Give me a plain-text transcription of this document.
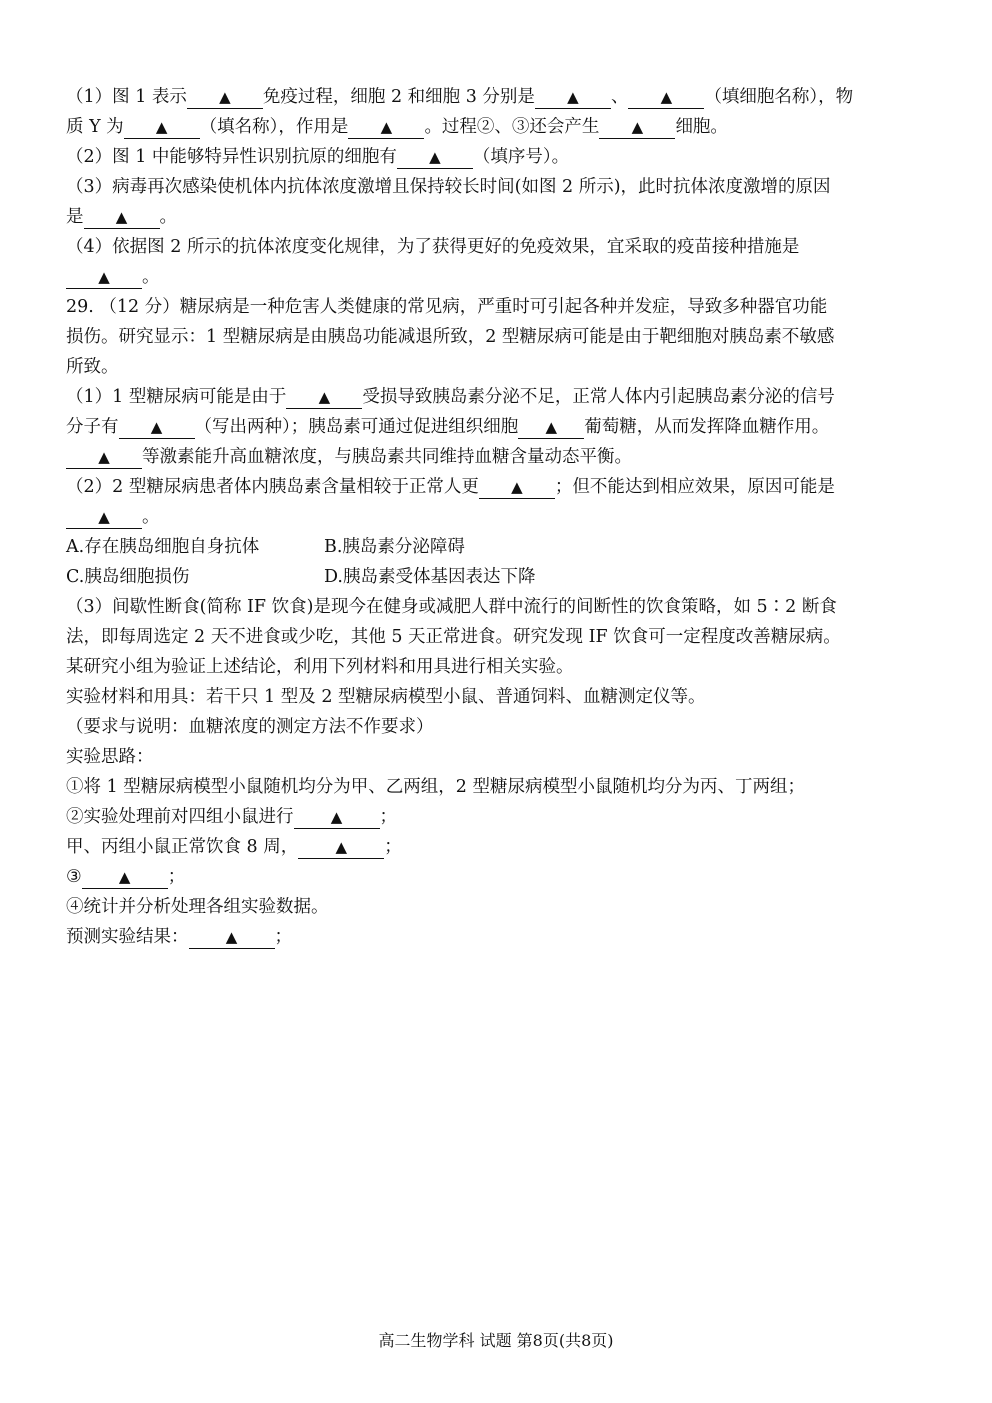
（1）图 1 表示 ▲ 免疫过程，细胞 2 和细胞 3 分别是 ▲ 、 ▲ （填细胞名称），物
质 Y 为 ▲ （填名称），作用是 ▲ 。过程②、③还会产生 ▲ 细胞。
（2）图 1 中能够特异性识别抗原的细胞有 ▲ （填序号）。
（3）病毒再次感染使机体内抗体浓度激增且保持较长时间(如图 2 所示)，此时抗体浓度激增的原因
是 ▲ 。
（4）依据图 2 所示的抗体浓度变化规律，为了获得更好的免疫效果，宜采取的疫苗接种措施是
▲ 。
29. （12 分）糖尿病是一种危害人类健康的常见病，严重时可引起各种并发症，导致多种器官功能
损伤。研究显示：1 型糖尿病是由胰岛功能减退所致，2 型糖尿病可能是由于靶细胞对胰岛素不敏感
所致。
（1）1 型糖尿病可能是由于 ▲ 受损导致胰岛素分泌不足，正常人体内引起胰岛素分泌的信号
分子有 ▲ （写出两种）；胰岛素可通过促进组织细胞 ▲ 葡萄糖，从而发挥降血糖作用。
▲ 等激素能升高血糖浓度，与胰岛素共同维持血糖含量动态平衡。
（2）2 型糖尿病患者体内胰岛素含量相较于正常人更 ▲ ；但不能达到相应效果，原因可能是
▲ 。
A.存在胰岛细胞自身抗体	B.胰岛素分泌障碍
C.胰岛细胞损伤	D.胰岛素受体基因表达下降
（3）间歇性断食(简称 IF 饮食)是现今在健身或减肥人群中流行的间断性的饮食策略，如 5∶2 断食
法，即每周选定 2 天不进食或少吃，其他 5 天正常进食。研究发现 IF 饮食可一定程度改善糖尿病。
某研究小组为验证上述结论，利用下列材料和用具进行相关实验。
实验材料和用具：若干只 1 型及 2 型糖尿病模型小鼠、普通饲料、血糖测定仪等。
（要求与说明：血糖浓度的测定方法不作要求）
实验思路：
①将 1 型糖尿病模型小鼠随机均分为甲、乙两组，2 型糖尿病模型小鼠随机均分为丙、丁两组；
②实验处理前对四组小鼠进行 ▲ ；
甲、丙组小鼠正常饮食 8 周， ▲ ；
③ ▲ ；
④统计并分析处理各组实验数据。
预测实验结果： ▲ ；
高二生物学科 试题 第8页(共8页)
